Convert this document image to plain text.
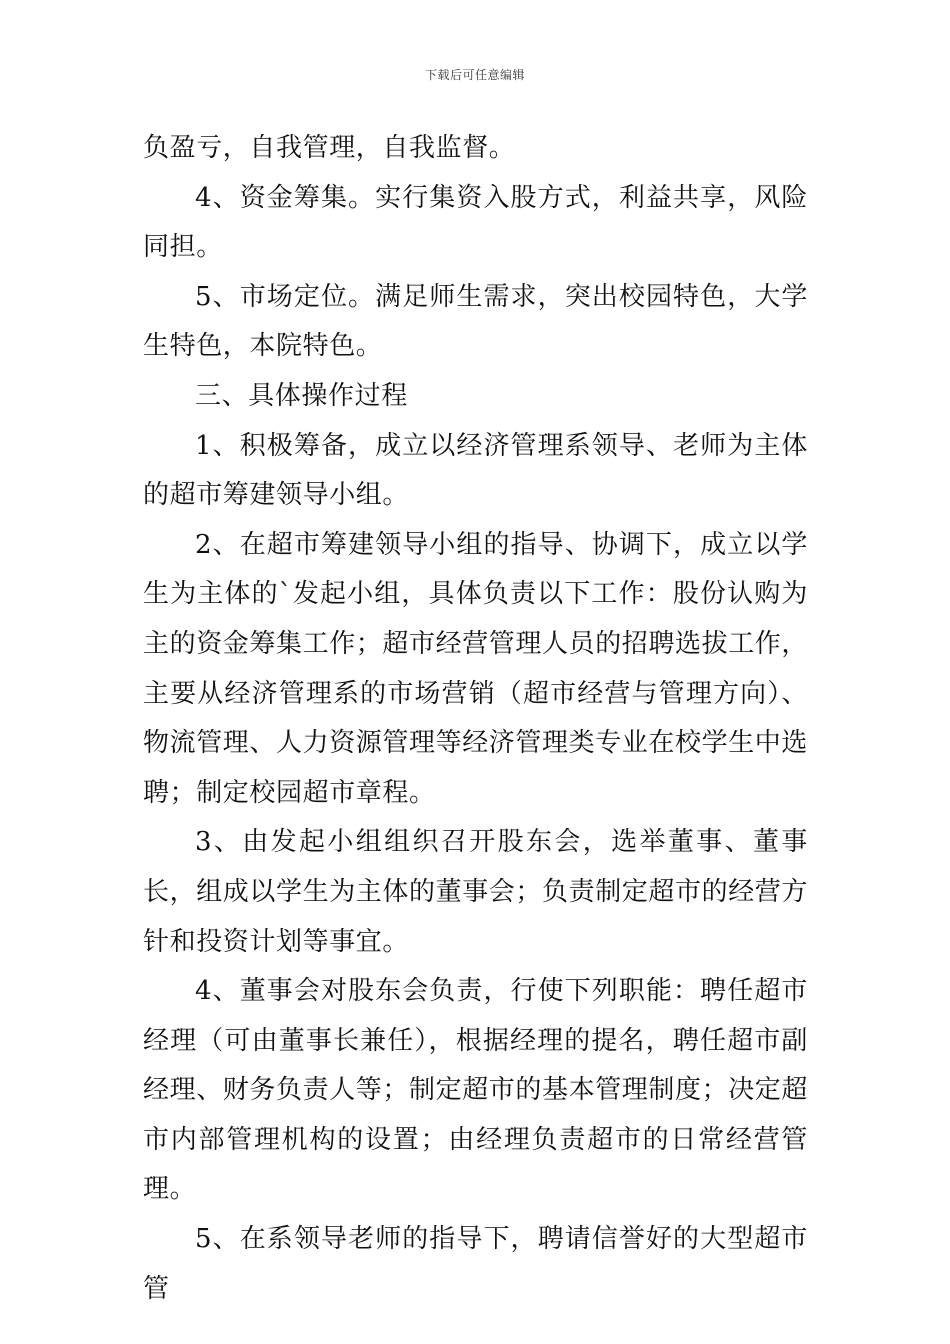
下载后可任意编辑

负盈亏，自我管理，自我监督。

4、资金筹集。实行集资入股方式，利益共享，风险同担。

5、市场定位。满足师生需求，突出校园特色，大学生特色，本院特色。

三、具体操作过程

1、积极筹备，成立以经济管理系领导、老师为主体的超市筹建领导小组。

2、在超市筹建领导小组的指导、协调下，成立以学生为主体的`发起小组，具体负责以下工作：股份认购为主的资金筹集工作；超市经营管理人员的招聘选拔工作，主要从经济管理系的市场营销（超市经营与管理方向）、物流管理、人力资源管理等经济管理类专业在校学生中选聘；制定校园超市章程。

3、由发起小组组织召开股东会，选举董事、董事长，组成以学生为主体的董事会；负责制定超市的经营方针和投资计划等事宜。

4、董事会对股东会负责，行使下列职能：聘任超市经理（可由董事长兼任），根据经理的提名，聘任超市副经理、财务负责人等；制定超市的基本管理制度；决定超市内部管理机构的设置；由经理负责超市的日常经营管理。

5、在系领导老师的指导下，聘请信誉好的大型超市管
